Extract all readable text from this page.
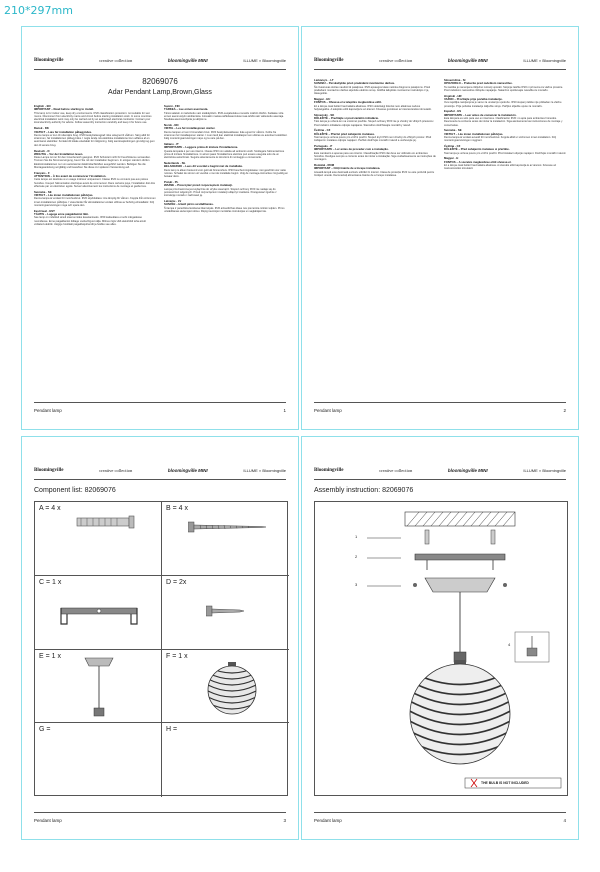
210*297mm
Bloomingville	creative collection	bloomingville MINI	ILLUME × Bloomingville
82069076
Adar Pendant Lamp,Brown,Glass

English - EN
IMPORTANT – Read before starting to install.
This lamp is for indoor use, keep dry environments. IP20 classification protection: not suitable for wet rooms. Disconnect from electricity mains and circuit before starting installation work. In some countries electrical installation work may only be carried out by an authorised electrical contractor. Contact your local electricity authority for advice. Follow assembly instruction carefully and keep it for future use.

Dansk - DK
VIGTIGT – Læs før installation påbegyndes.
Denne lampe er kun til indendørs brug. IP20 beskyttelsesgrad: ikke velegnet til vådrum. Sørg altid for strømmen, før installationen påbegyndes. I nogle lande må elektriske installationer kun udføres af en autoriseret elektriker. Kontakt dit lokale elselskab for rådgivning. Følg samlevejledningen grundigt og gem den til senere brug.

Deutsch - D
WICHTIG – Vor der Installation lesen.
Diese Lampe ist nur für den Innenbereich geeignet. IP20 Schutzart nicht für Feuchträume verwenden. Trennen Sie die Stromversorgung, bevor Sie mit der Installation beginnen. In einigen Ländern dürfen Elektroinstallationen nur von autorisierten Elektrofachkräften ausgeführt werden. Befolgen Sie die Montageanleitung sorgfältig und bewahren Sie diese zur späteren Verwendung auf.

Français - F
ATTENTION – À lire avant de commencer l'installation.
Cette lampe est destinée à un usage intérieur uniquement. Classe IP20 ne convient pas aux pièces humides. Coupez l'alimentation électrique avant de commencer. Dans certains pays, l'installation doit être effectuée par un électricien agréé. Suivez attentivement les instructions de montage et gardez-les.

Svenska - SE
VIKTIGT – Läs innan installationen påbörjas.
Denna lampa är endast för inomhusbruk. IP20 skyddsklass: inte lämplig för våtrum. Koppla från strömmen innan installationen påbörjas. I vissa länder får elinstallationer endast utföras av behörig elinstallatör. Följ monteringsanvisningen noga och spara den.

Eesti keel - EST
TÄHTIS – Lugege enne paigaldamist läbi.
See lamp on mõeldud ainult siseruumides kasutamiseks. IP20 kaitseklass ei sobi märgadesse ruumidesse. Enne paigaldamist lülitage vooluvõrgust välja. Mõnes riigis võib elektritöid teha ainult volitatud elektrik. Järgige hoolikalt paigaldusjuhendit ja hoidke see alles.

Suomi - FIN
TÄRKEÄ – Lue ennen asennusta.
Tämä valaisin on tarkoitettu vain sisäkäyttöön. IP20-suojaluokka ei sovellu märkiin tiloihin. Katkaise virta ennen asennustyön aloittamista. Joissakin maissa sähköasennukset saa tehdä vain valtuutettu asentaja. Noudata asennusohjeita ja säilytä ne.

Norsk - NO
VIKTIG – Les før installasjonen starter.
Denne lampen er kun til innendørs bruk. IP20 beskyttelsesklasse: ikke egnet for våtrom. Koble fra strømmen før installasjonen starter. I noen land kan elektrisk installasjon kun utføres av autorisert elektriker. Følg monteringsanvisningen nøye og ta vare på den.

Italiano - IT
IMPORTANTE – Leggere prima di iniziare l'installazione.
Questa lampada è per uso interno. Classe IP20 non adatta ad ambienti umidi. Scollegare l'alimentazione prima di iniziare l'installazione. In alcuni paesi l'installazione elettrica può essere eseguita solo da un elettricista autorizzato. Seguire attentamente le istruzioni di montaggio e conservarle.

Nederlands - NL
BELANGRIJK – Lees dit voordat u begint met de installatie.
Deze lamp is alleen bestemd voor gebruik binnenshuis. IP20 beschermingsklasse: niet geschikt voor natte ruimtes. Schakel de stroom uit voordat u met de installatie begint. Volg de montage-instructies zorgvuldig en bewaar deze.

Polski - PL
WAŻNE – Przeczytać przed rozpoczęciem instalacji.
Lampa przeznaczona jest wyłącznie do użytku wewnątrz. Stopień ochrony IP20 nie nadaje się do pomieszczeń wilgotnych. Przed rozpoczęciem instalacji odłączyć zasilanie. Postępować zgodnie z instrukcją montażu i zachować ją.

Latviešu - LV
SVARĪGI – Izlasīt pirms uzstādīšanas.
Šī lampa ir paredzēta lietošanai tikai telpās. IP20 aizsardzības klase nav piemērota mitrām telpām. Pirms uzstādīšanas atvienojiet strāvu. Rūpīgi ievērojiet montāžas instrukcijas un saglabājiet tās.

Pendant lamp	1
Bloomingville	creative collection	bloomingville MINI	ILLUME × Bloomingville

Lietuvių k. - LT
SVARBU – Perskaitykite prieš pradėdami montavimo darbus.
Šis šviestuvas skirtas naudoti tik patalpose. IP20 apsaugos klasė netinka drėgnoms patalpoms. Prieš pradėdami montavimo darbus atjunkite elektros srovę. Atidžiai laikykitės montavimo instrukcijos ir ją išsaugokite.

Magyar - HU
FONTOS – Olvassa el a telepítés megkezdése előtt.
Ez a lámpa csak beltéri használatra alkalmas. IP20 védettségi fokozat nem alkalmas nedves helyiségekbe. A telepítés előtt kapcsolja le az áramot. Kövesse gondosan az összeszerelési útmutatót.

Slovensky - SK
DÔLEŽITÉ – Prečítajte si pred začatím inštalácie.
Táto lampa je určená len na vnútorné použitie. Stupeň ochrany IP20 nie je vhodný do vlhkých priestorov. Pred začatím inštalácie odpojte napájanie. Starostlivo dodržiavajte montážny návod.

Čeština - CZ
DŮLEŽITÉ – Přečíst před zahájením instalace.
Tato lampa je určena pouze pro vnitřní použití. Stupeň krytí IP20 není vhodný do vlhkých prostor. Před zahájením instalace odpojte napájení. Pečlivě dodržujte montážní návod a uschovejte jej.

Português - P
IMPORTANTE – Ler antes de proceder com a instalação.
Este candeeiro é apenas para uso interior. Classificação IP20 não deve ser utilizado em ambientes húmidos. Desligue sempre a corrente antes de iniciar a instalação. Siga cuidadosamente as instruções de montagem.

Română - ROM
IMPORTANT – Citiți înainte de a începe instalarea.
Această lampă este destinată exclusiv utilizării în interior. Clasa de protecție IP20 nu este potrivită pentru încăperi umede. Deconectați alimentarea înainte de a începe instalarea.

Slovenščina - SI
OPOZORILO – Preberite pred začetkom namestitve.
Ta svetilka je namenjena izključno notranji uporabi. Stopnja zaščite IP20 ni primerna za vlažne prostore. Pred začetkom namestitve izklopite napajanje. Natančno upoštevajte navodila za montažo.

Hrvatski - HR
VAŽNO – Pročitajte prije početka instalacije.
Ova svjetiljka namijenjena je samo za unutarnju upotrebu. IP20 stupanj zaštite nije prikladan za vlažne prostorije. Prije početka instalacije isključite struju. Pažljivo slijedite upute za montažu.

Español - ES
IMPORTANTE – Leer antes de comenzar la instalación.
Esta lámpara es solo para uso en interiores. Clasificación IP20: no apta para ambientes húmedos. Desconecte la corriente antes de iniciar la instalación. Siga atentamente las instrucciones de montaje y consérvelas.

Svenska - SE
VIKTIGT – Läs innan installationen påbörjas.
Denna lampa är endast avsedd för inomhusbruk. Koppla alltid ur strömmen innan installation. Följ monteringsanvisningen noggrant.

Ćeština - CZ
DŮLEŽITÉ – Před zahájením instalace si přečtěte.
Tato lampa je určena pouze pro vnitřní použití. Před instalací odpojte napájení. Dodržujte montážní návod.

Magyar - H
FONTOS – A szerelés megkezdése előtt olvassa el.
Ez a lámpa csak beltéri használatra alkalmas. A szerelés előtt kapcsolja le az áramot. Kövesse az összeszerelési útmutatót.

Pendant lamp	2
Bloomingville	creative collection	bloomingville MINI	ILLUME × Bloomingville
Component list: 82069076
A = 4 x	B = 4 x
C = 1 x	D = 2x
E = 1 x	F = 1 x
G =	H =
Pendant lamp	3
Bloomingville	creative collection	bloomingville MINI	ILLUME × Bloomingville
Assembly instruction: 82069076
1
2
3
4
THE BULB IS NOT INCLUDED
Pendant lamp	4
